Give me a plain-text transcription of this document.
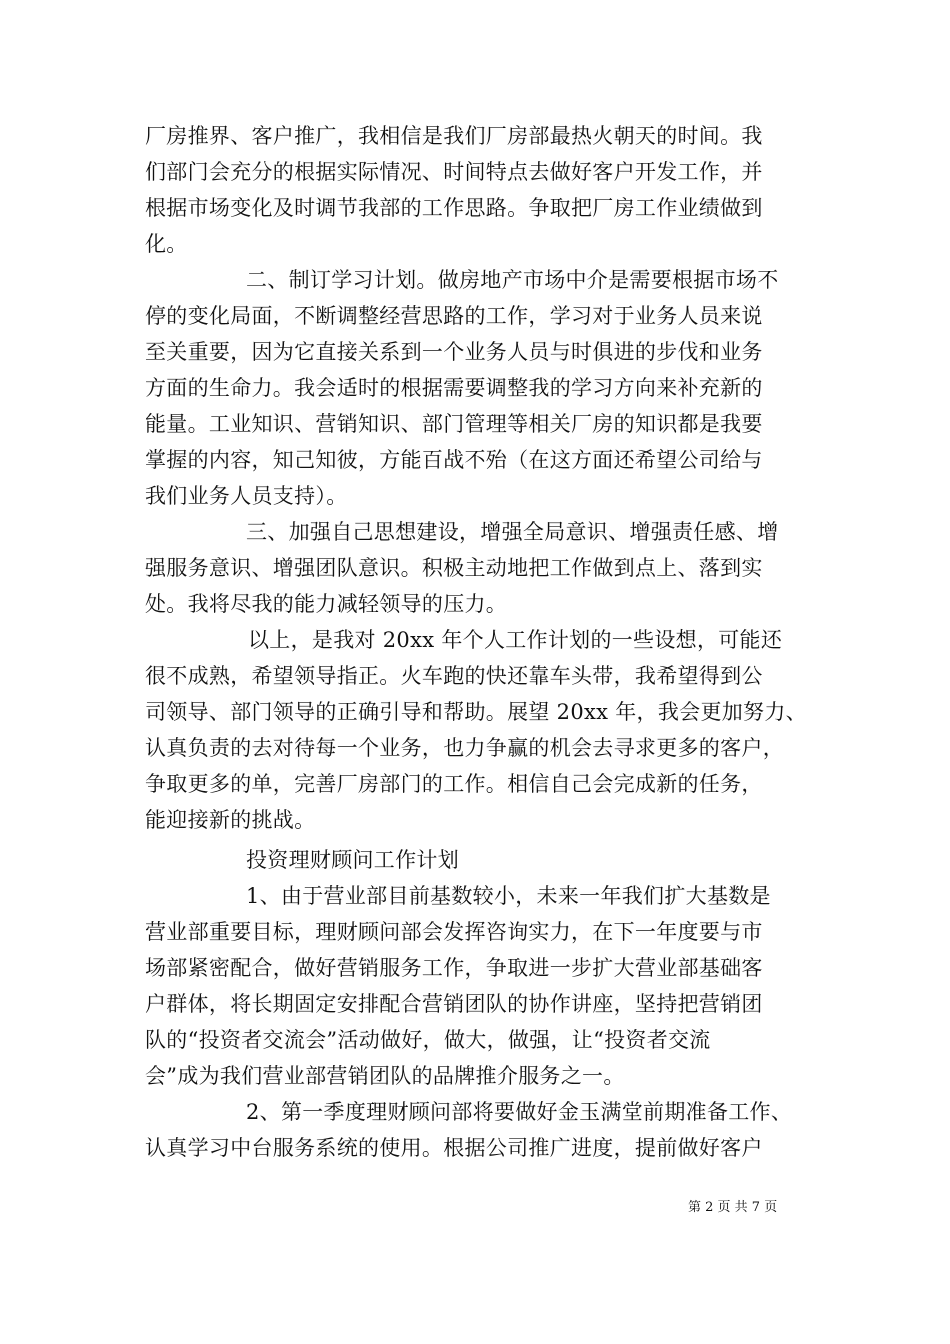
厂房推界、客户推广，我相信是我们厂房部最热火朝天的时间。我
们部门会充分的根据实际情况、时间特点去做好客户开发工作，并
根据市场变化及时调节我部的工作思路。争取把厂房工作业绩做到
化。
二、制订学习计划。做房地产市场中介是需要根据市场不
停的变化局面，不断调整经营思路的工作，学习对于业务人员来说
至关重要，因为它直接关系到一个业务人员与时俱进的步伐和业务
方面的生命力。我会适时的根据需要调整我的学习方向来补充新的
能量。工业知识、营销知识、部门管理等相关厂房的知识都是我要
掌握的内容，知己知彼，方能百战不殆（在这方面还希望公司给与
我们业务人员支持）。
三、加强自己思想建设，增强全局意识、增强责任感、增
强服务意识、增强团队意识。积极主动地把工作做到点上、落到实
处。我将尽我的能力减轻领导的压力。
以上，是我对 20xx 年个人工作计划的一些设想，可能还
很不成熟，希望领导指正。火车跑的快还靠车头带，我希望得到公
司领导、部门领导的正确引导和帮助。展望 20xx 年，我会更加努力、
认真负责的去对待每一个业务，也力争赢的机会去寻求更多的客户，
争取更多的单，完善厂房部门的工作。相信自己会完成新的任务，
能迎接新的挑战。
投资理财顾问工作计划
1、由于营业部目前基数较小，未来一年我们扩大基数是
营业部重要目标，理财顾问部会发挥咨询实力，在下一年度要与市
场部紧密配合，做好营销服务工作，争取进一步扩大营业部基础客
户群体，将长期固定安排配合营销团队的协作讲座，坚持把营销团
队的“投资者交流会”活动做好，做大，做强，让“投资者交流
会”成为我们营业部营销团队的品牌推介服务之一。
2、第一季度理财顾问部将要做好金玉满堂前期准备工作、
认真学习中台服务系统的使用。根据公司推广进度，提前做好客户
第 2 页 共 7 页
